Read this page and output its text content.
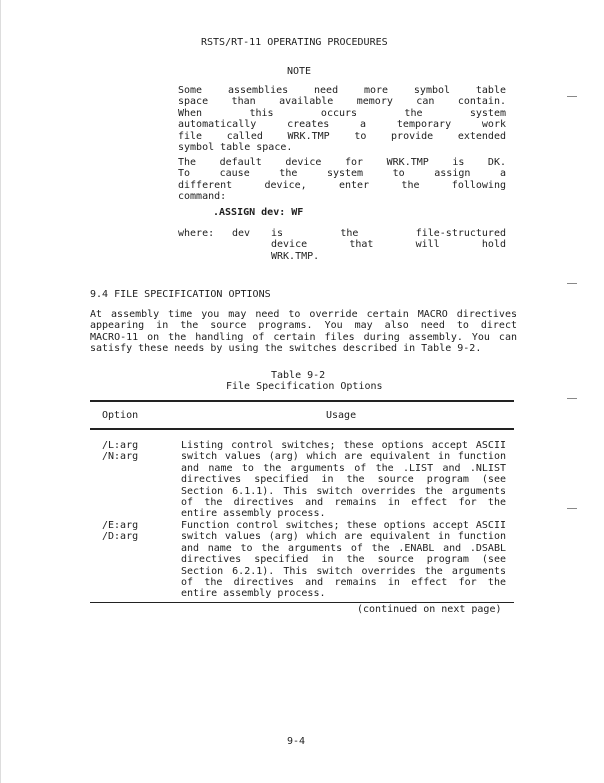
RSTS/RT-11 OPERATING PROCEDURES
NOTE
Some assemblies need more symbol table
space than available memory can contain.
When this occurs the system
automatically creates a temporary work
file called WRK.TMP to provide extended
symbol table space.
The default device for WRK.TMP is DK.
To cause the system to assign a
different device, enter the following
command:
.ASSIGN dev: WF
where: dev is the file-structured
device that will hold
WRK.TMP.
9.4 FILE SPECIFICATION OPTIONS
At assembly time you may need to override certain MACRO directives
appearing in the source programs. You may also need to direct
MACRO-11 on the handling of certain files during assembly. You can
satisfy these needs by using the switches described in Table 9-2.
Table 9-2
File Specification Options
Option	Usage
/L:arg
/N:arg
Listing control switches; these options accept ASCII
switch values (arg) which are equivalent in function
and name to the arguments of the .LIST and .NLIST
directives specified in the source program (see
Section 6.1.1). This switch overrides the arguments
of the directives and remains in effect for the
entire assembly process.
/E:arg
/D:arg
Function control switches; these options accept ASCII
switch values (arg) which are equivalent in function
and name to the arguments of the .ENABL and .DSABL
directives specified in the source program (see
Section 6.2.1). This switch overrides the arguments
of the directives and remains in effect for the
entire assembly process.
(continued on next page)
9-4
